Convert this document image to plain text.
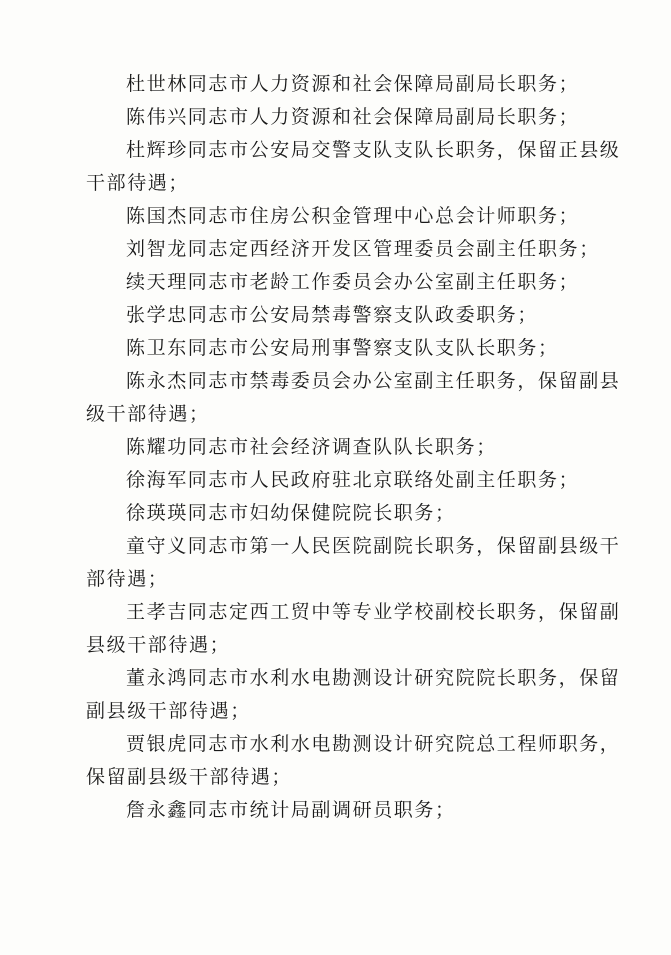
杜世林同志市人力资源和社会保障局副局长职务；

陈伟兴同志市人力资源和社会保障局副局长职务；

杜辉珍同志市公安局交警支队支队长职务，保留正县级干部待遇；

陈国杰同志市住房公积金管理中心总会计师职务；

刘智龙同志定西经济开发区管理委员会副主任职务；

续天理同志市老龄工作委员会办公室副主任职务；

张学忠同志市公安局禁毒警察支队政委职务；

陈卫东同志市公安局刑事警察支队支队长职务；

陈永杰同志市禁毒委员会办公室副主任职务，保留副县级干部待遇；

陈耀功同志市社会经济调查队队长职务；

徐海军同志市人民政府驻北京联络处副主任职务；

徐瑛瑛同志市妇幼保健院院长职务；

童守义同志市第一人民医院副院长职务，保留副县级干部待遇；

王孝吉同志定西工贸中等专业学校副校长职务，保留副县级干部待遇；

董永鸿同志市水利水电勘测设计研究院院长职务，保留副县级干部待遇；

贾银虎同志市水利水电勘测设计研究院总工程师职务，保留副县级干部待遇；

詹永鑫同志市统计局副调研员职务；
